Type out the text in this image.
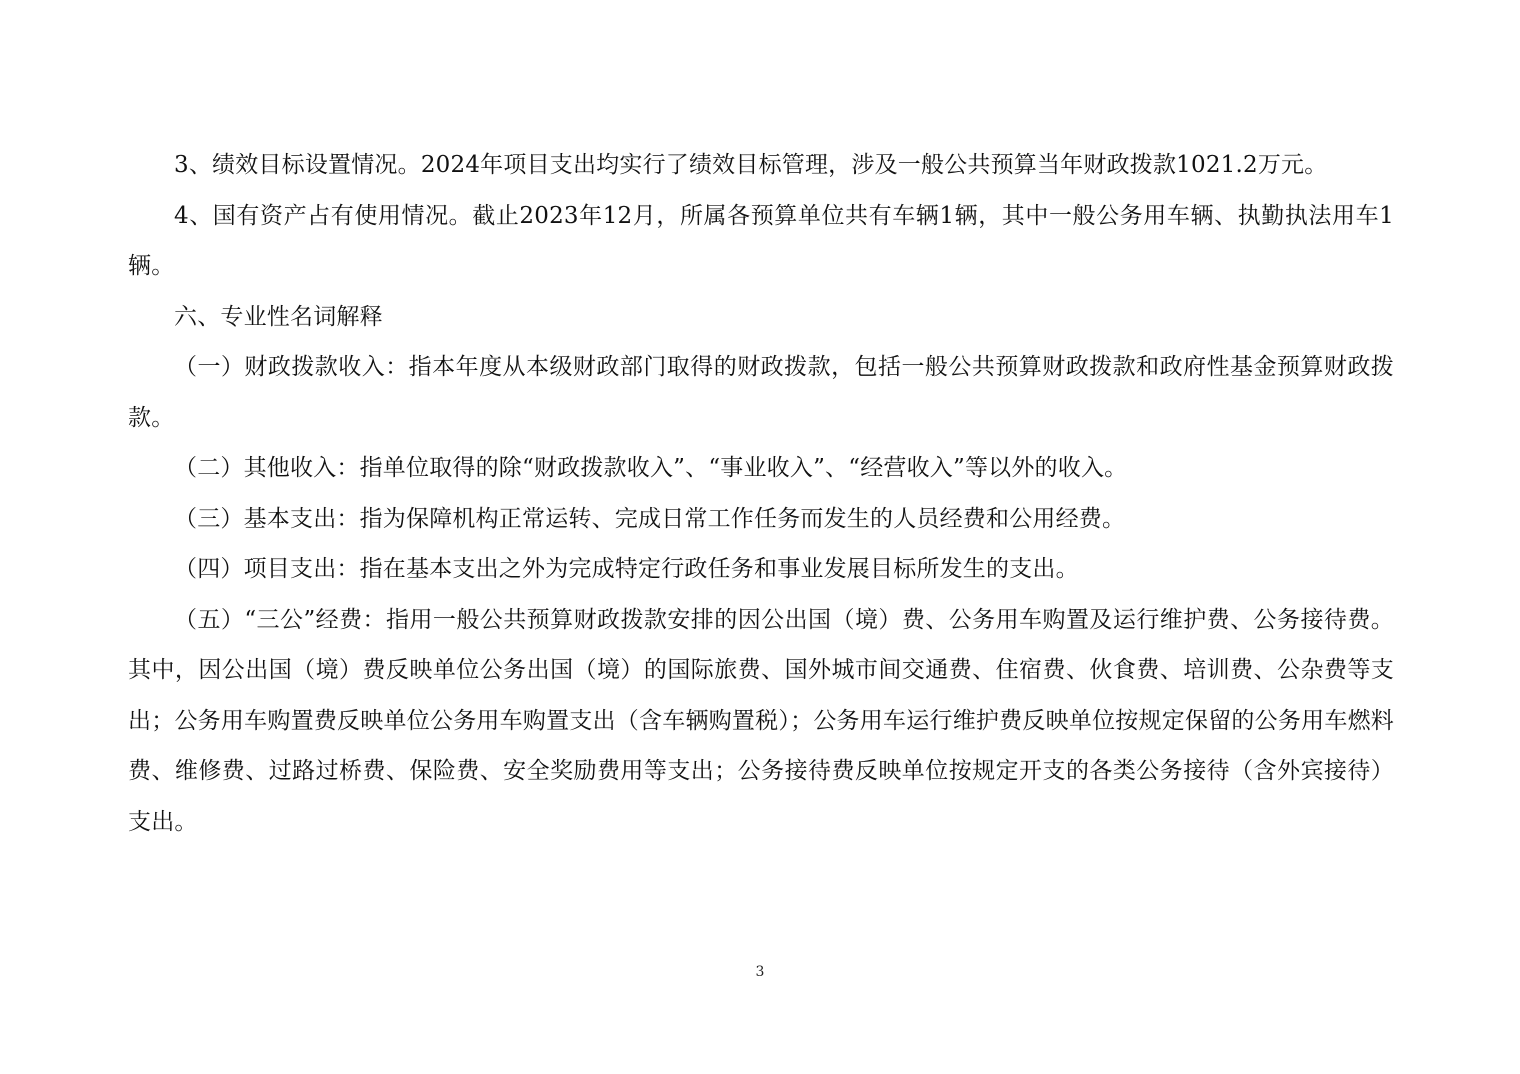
3、绩效目标设置情况。2024年项目支出均实行了绩效目标管理，涉及一般公共预算当年财政拨款1021.2万元。

4、国有资产占有使用情况。截止2023年12月，所属各预算单位共有车辆1辆，其中一般公务用车辆、执勤执法用车1辆。

六、专业性名词解释

（一）财政拨款收入：指本年度从本级财政部门取得的财政拨款，包括一般公共预算财政拨款和政府性基金预算财政拨款。

（二）其他收入：指单位取得的除“财政拨款收入”、“事业收入”、“经营收入”等以外的收入。

（三）基本支出：指为保障机构正常运转、完成日常工作任务而发生的人员经费和公用经费。

（四）项目支出：指在基本支出之外为完成特定行政任务和事业发展目标所发生的支出。

（五）“三公”经费：指用一般公共预算财政拨款安排的因公出国（境）费、公务用车购置及运行维护费、公务接待费。其中，因公出国（境）费反映单位公务出国（境）的国际旅费、国外城市间交通费、住宿费、伙食费、培训费、公杂费等支出；公务用车购置费反映单位公务用车购置支出（含车辆购置税）；公务用车运行维护费反映单位按规定保留的公务用车燃料费、维修费、过路过桥费、保险费、安全奖励费用等支出；公务接待费反映单位按规定开支的各类公务接待（含外宾接待）支出。

3
